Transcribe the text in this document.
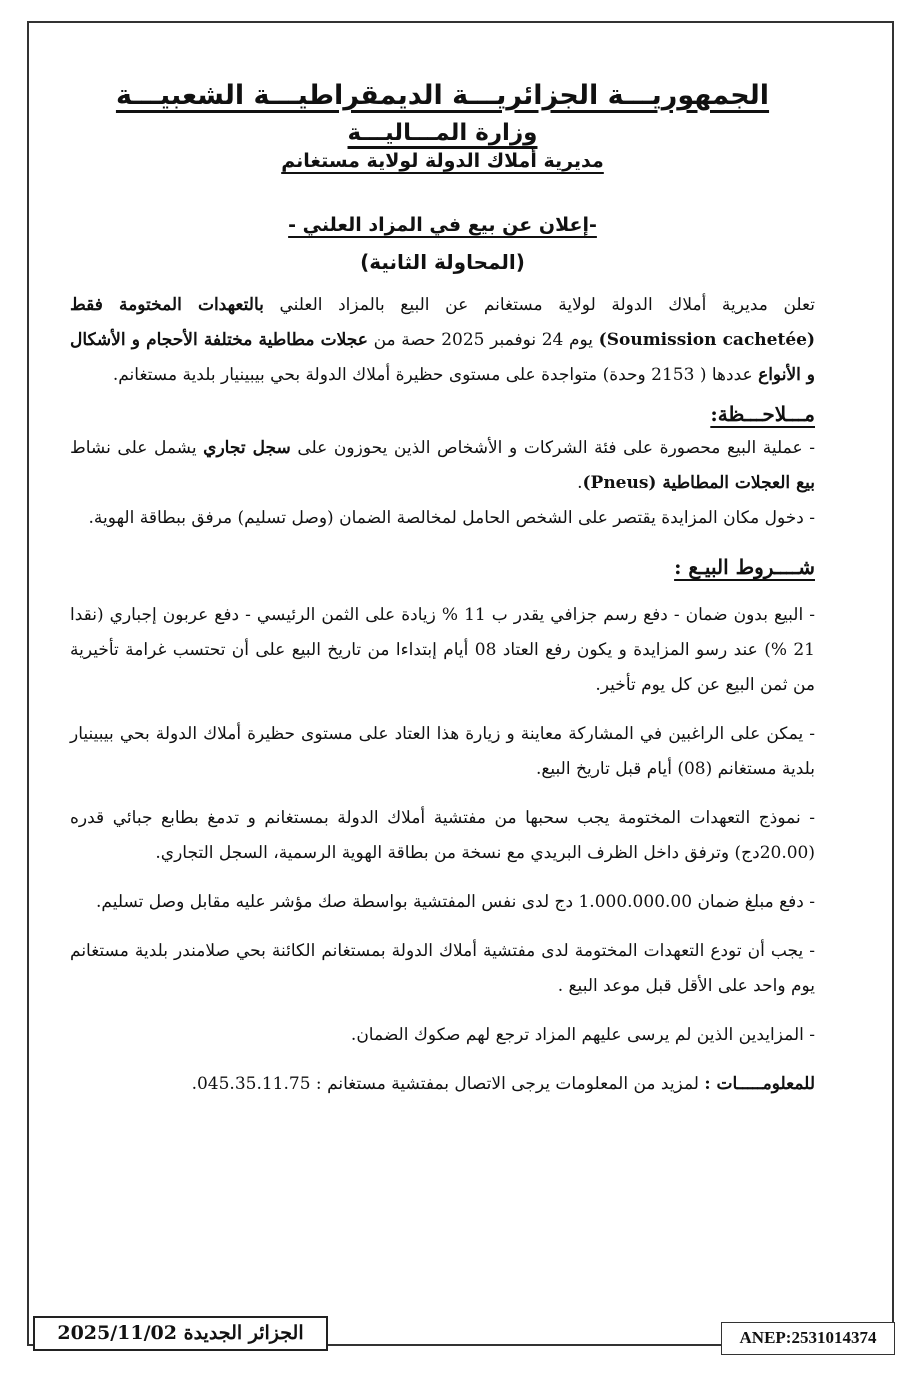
الجمهوريـــة الجزائريـــة الديمقراطيـــة الشعبيـــة
وزارة المـــاليـــة
مديرية أملاك الدولة لولاية مستغانم
-إعلان عن بيع في المزاد العلني -
(المحاولة الثانية)

تعلن مديرية أملاك الدولة لولاية مستغانم عن البيع بالمزاد العلني بالتعهدات المختومة فقط (Soumission cachetée) يوم 24 نوفمبر 2025 حصة من عجلات مطاطية مختلفة الأحجام و الأشكال و الأنواع عددها ( 2153 وحدة) متواجدة على مستوى حظيرة أملاك الدولة بحي بيبينيار بلدية مستغانم.

مـــلاحـــظة:

- عملية البيع محصورة على فئة الشركات و الأشخاص الذين يحوزون على سجل تجاري يشمل على نشاط بيع العجلات المطاطية (Pneus).

- دخول مكان المزايدة يقتصر على الشخص الحامل لمخالصة الضمان (وصل تسليم) مرفق ببطاقة الهوية.

شــــروط البيـع :

- البيع بدون ضمان - دفع رسم جزافي يقدر ب 11 % زيادة على الثمن الرئيسي - دفع عربون إجباري (نقدا 21 %) عند رسو المزايدة و يكون رفع العتاد 08 أيام إبتداءا من تاريخ البيع على أن تحتسب غرامة تأخيرية من ثمن البيع عن كل يوم تأخير.

- يمكن على الراغبين في المشاركة معاينة و زيارة هذا العتاد على مستوى حظيرة أملاك الدولة بحي بيبينيار بلدية مستغانم (08) أيام قبل تاريخ البيع.

- نموذج التعهدات المختومة يجب سحبها من مفتشية أملاك الدولة بمستغانم و تدمغ بطابع جبائي قدره (20.00دج) وترفق داخل الظرف البريدي مع نسخة من بطاقة الهوية الرسمية، السجل التجاري.

- دفع مبلغ ضمان 1.000.000.00 دج لدى نفس المفتشية بواسطة صك مؤشر عليه مقابل وصل تسليم.

- يجب أن تودع التعهدات المختومة لدى مفتشية أملاك الدولة بمستغانم الكائنة بحي صلامندر بلدية مستغانم يوم واحد على الأقل قبل موعد البيع .

- المزايدين الذين لم يرسى عليهم المزاد ترجع لهم صكوك الضمان.

للمعلومـــــات : لمزيد من المعلومات يرجى الاتصال بمفتشية مستغانم : 045.35.11.75.

الجزائر الجديدة 2025/11/02	ANEP:2531014374
